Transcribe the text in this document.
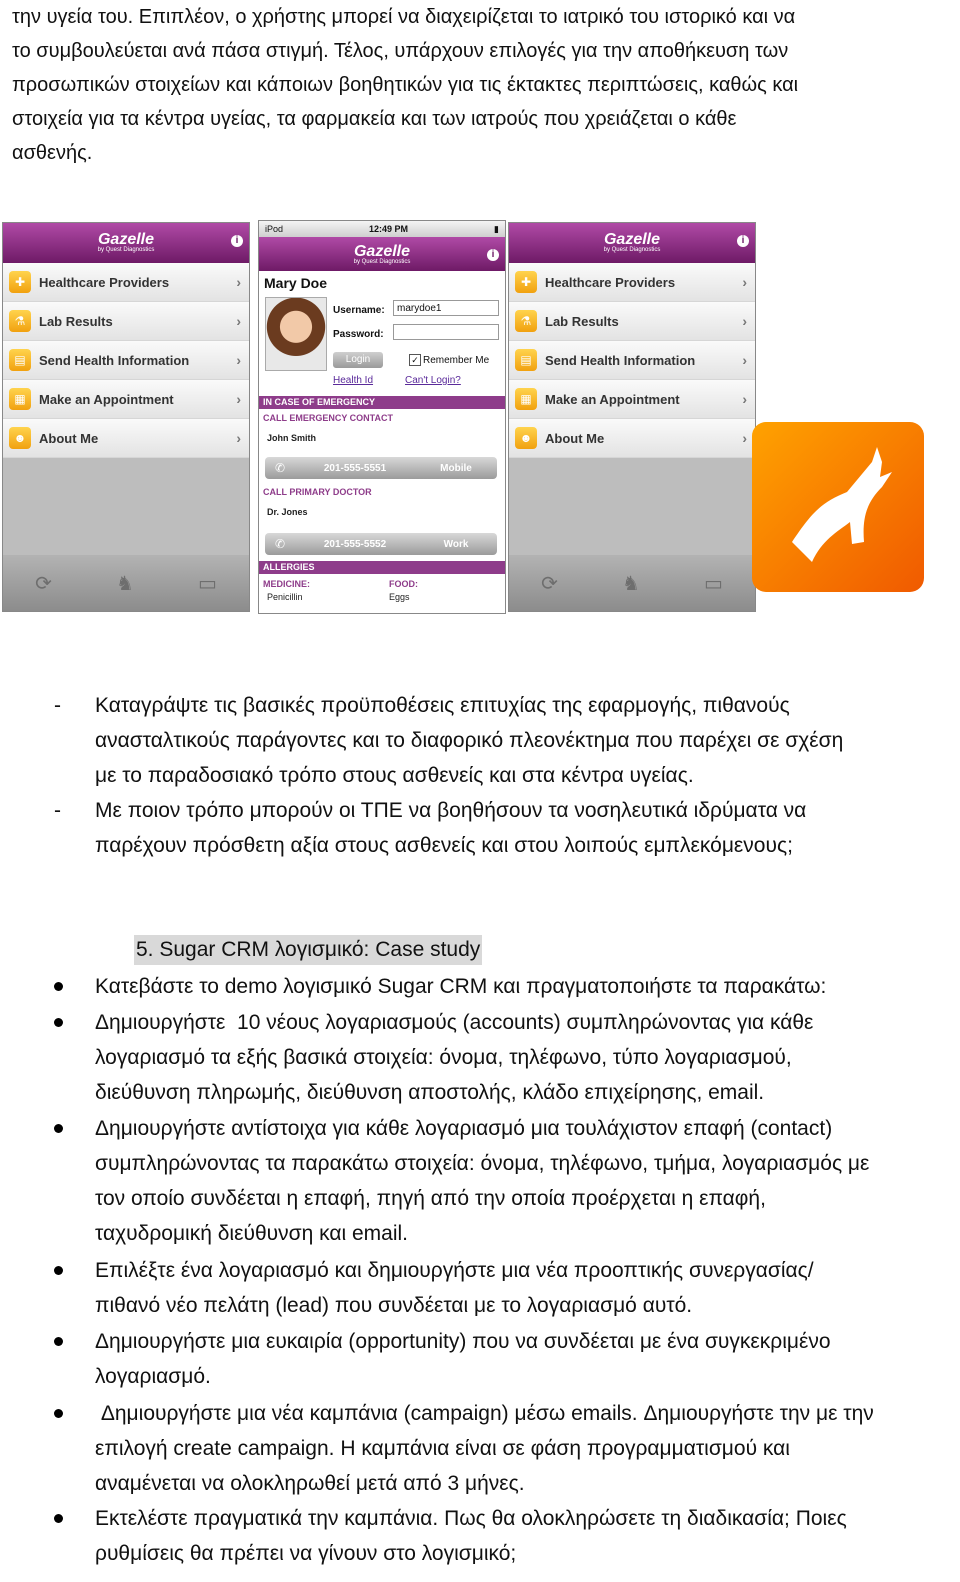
την υγεία του. Επιπλέον, ο χρήστης μπορεί να διαχειρίζεται το ιατρικό του ιστορικό και να

το συμβουλεύεται ανά πάσα στιγμή. Τέλος, υπάρχουν επιλογές για την αποθήκευση των

προσωπικών στοιχείων και κάποιων βοηθητικών για τις έκτακτες περιπτώσεις, καθώς και

στοιχεία για τα κέντρα υγείας, τα φαρμακεία και των ιατρούς που χρειάζεται ο κάθε

ασθενής.

Gazelle
by Quest Diagnostics
i
✚	Healthcare Providers	›
⚗	Lab Results	›
▤	Send Health Information	›
▦	Make an Appointment	›
☻ About Me	›
⟳	♞	▭
iPod	12:49 PM	▮
Gazelle
by Quest Diagnostics
i
Mary Doe
Username:	marydoe1
Password:
Login	✓ Remember Me
Health Id	Can't Login?
IN CASE OF EMERGENCY
CALL EMERGENCY CONTACT
John Smith
✆	201-555-5551	Mobile
CALL PRIMARY DOCTOR
Dr. Jones
✆	201-555-5552	Work
ALLERGIES
MEDICINE:
Penicillin
FOOD:
Eggs
Gazelle
by Quest Diagnostics
i
✚	Healthcare Providers	›
⚗	Lab Results	›
▤	Send Health Information	›
▦	Make an Appointment	›
☻ About Me	›
⟳	♞	▭
- Καταγράψτε τις βασικές προϋποθέσεις επιτυχίας της εφαρμογής, πιθανούς
ανασταλτικούς παράγοντες και το διαφορικό πλεονέκτημα που παρέχει σε σχέση
με το παραδοσιακό τρόπο στους ασθενείς και στα κέντρα υγείας.
- Με ποιον τρόπο μπορούν οι ΤΠΕ να βοηθήσουν τα νοσηλευτικά ιδρύματα να
παρέχουν πρόσθετη αξία στους ασθενείς και στου λοιπούς εμπλεκόμενους;
5. Sugar CRM λογισμικό: Case study
Κατεβάστε το demo λογισμικό Sugar CRM και πραγματοποιήστε τα παρακάτω:
Δημιουργήστε  10 νέους λογαριασμούς (accounts) συμπληρώνοντας για κάθε
λογαριασμό τα εξής βασικά στοιχεία: όνομα, τηλέφωνο, τύπο λογαριασμού,
διεύθυνση πληρωμής, διεύθυνση αποστολής, κλάδο επιχείρησης, email.
Δημιουργήστε αντίστοιχα για κάθε λογαριασμό μια τουλάχιστον επαφή (contact)
συμπληρώνοντας τα παρακάτω στοιχεία: όνομα, τηλέφωνο, τμήμα, λογαριασμός με
τον οποίο συνδέεται η επαφή, πηγή από την οποία προέρχεται η επαφή,
ταχυδρομική διεύθυνση και email.
Επιλέξτε ένα λογαριασμό και δημιουργήστε μια νέα προοπτικής συνεργασίας/
πιθανό νέο πελάτη (lead) που συνδέεται με το λογαριασμό αυτό.
Δημιουργήστε μια ευκαιρία (opportunity) που να συνδέεται με ένα συγκεκριμένο
λογαριασμό.
Δημιουργήστε μια νέα καμπάνια (campaign) μέσω emails. Δημιουργήστε την με την
επιλογή create campaign. Η καμπάνια είναι σε φάση προγραμματισμού και
αναμένεται να ολοκληρωθεί μετά από 3 μήνες.
Εκτελέστε πραγματικά την καμπάνια. Πως θα ολοκληρώσετε τη διαδικασία; Ποιες
ρυθμίσεις θα πρέπει να γίνουν στο λογισμικό;
